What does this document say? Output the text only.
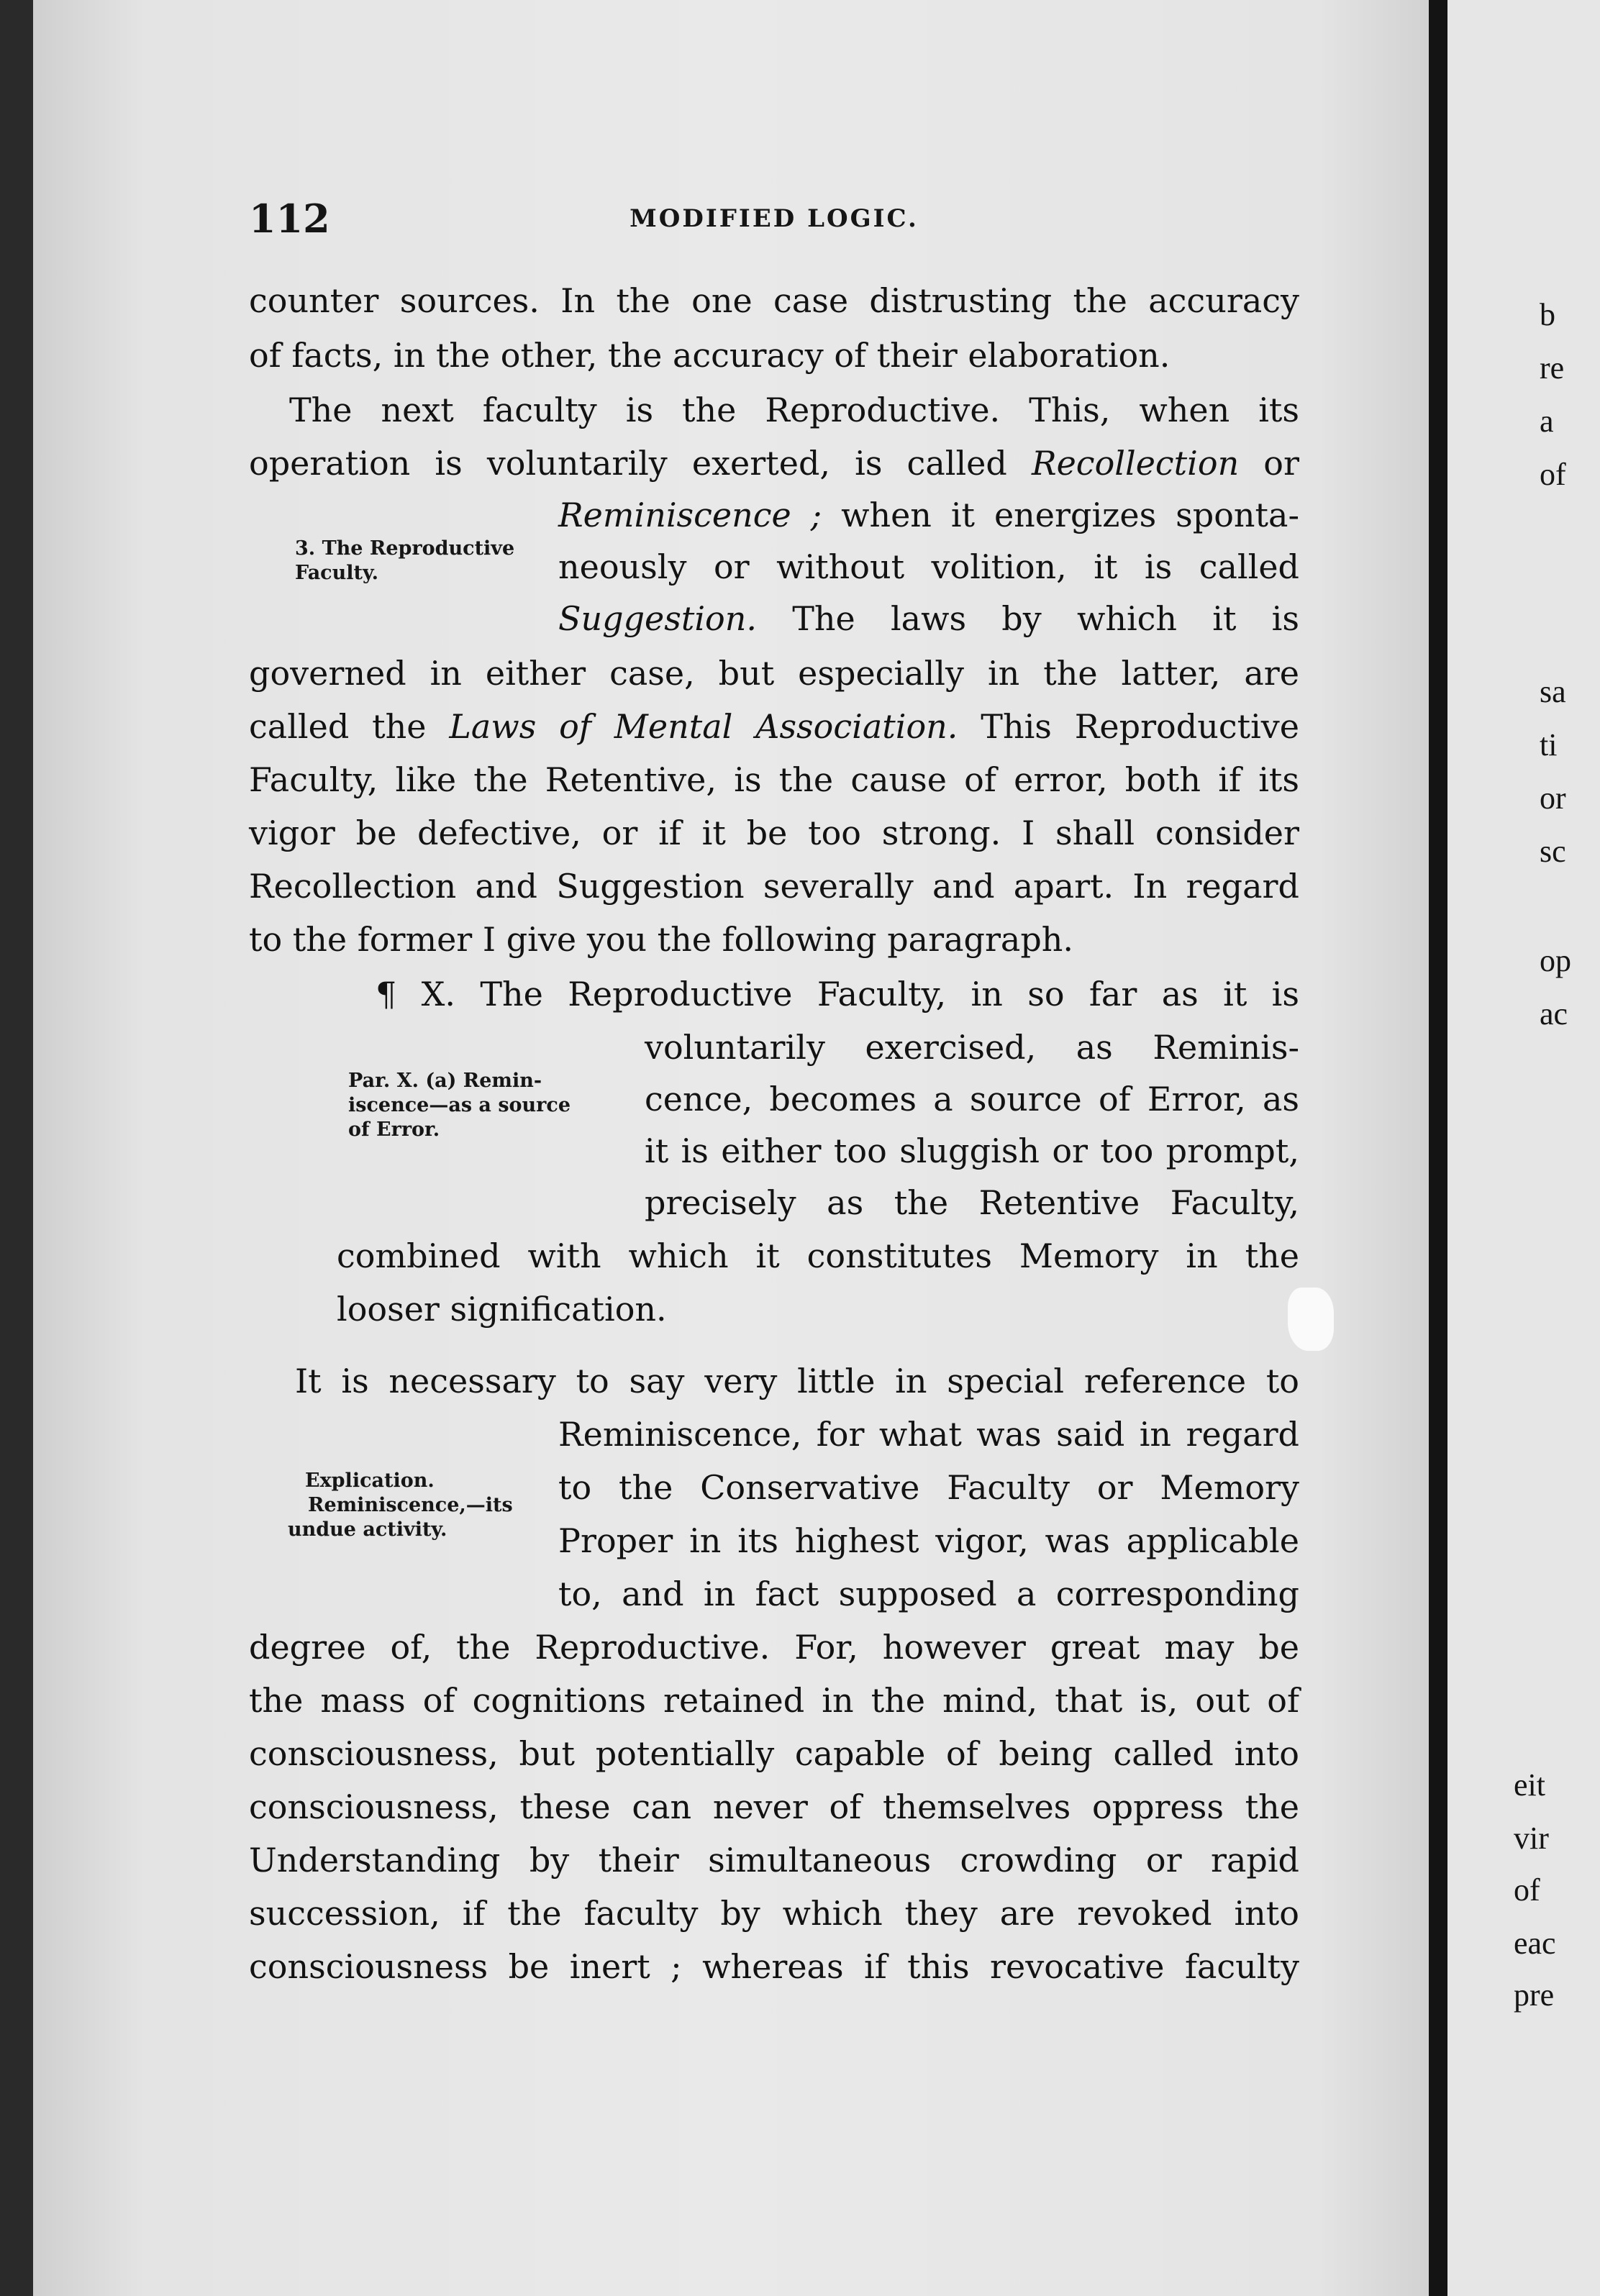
112	MODIFIED LOGIC.
counter sources. In the one case distrusting the accuracy
of facts, in the other, the accuracy of their elaboration.
The next faculty is the Reproductive. This, when its
operation is voluntarily exerted, is called Recollection or
Reminiscence ; when it energizes sponta-
neously or without volition, it is called
Suggestion. The laws by which it is
governed in either case, but especially in the latter, are
called the Laws of Mental Association. This Reproductive
Faculty, like the Retentive, is the cause of error, both if its
vigor be defective, or if it be too strong. I shall consider
Recollection and Suggestion severally and apart. In regard
to the former I give you the following paragraph.
¶ X. The Reproductive Faculty, in so far as it is
voluntarily exercised, as Reminis-
cence, becomes a source of Error, as
it is either too sluggish or too prompt,
precisely as the Retentive Faculty,
combined with which it constitutes Memory in the
looser signification.
It is necessary to say very little in special reference to
Reminiscence, for what was said in regard
to the Conservative Faculty or Memory
Proper in its highest vigor, was applicable
to, and in fact supposed a corresponding
degree of, the Reproductive. For, however great may be
the mass of cognitions retained in the mind, that is, out of
consciousness, but potentially capable of being called into
consciousness, these can never of themselves oppress the
Understanding by their simultaneous crowding or rapid
succession, if the faculty by which they are revoked into
consciousness be inert ; whereas if this revocative faculty
3. The Reproductive
Faculty.
Par. X. (a) Remin-
iscence—as a source
of Error.
Explication.
Reminiscence,—its
undue activity.
b
re
a
of
sa
ti
or
sc
op
ac
eit
vir
of
eac
pre
